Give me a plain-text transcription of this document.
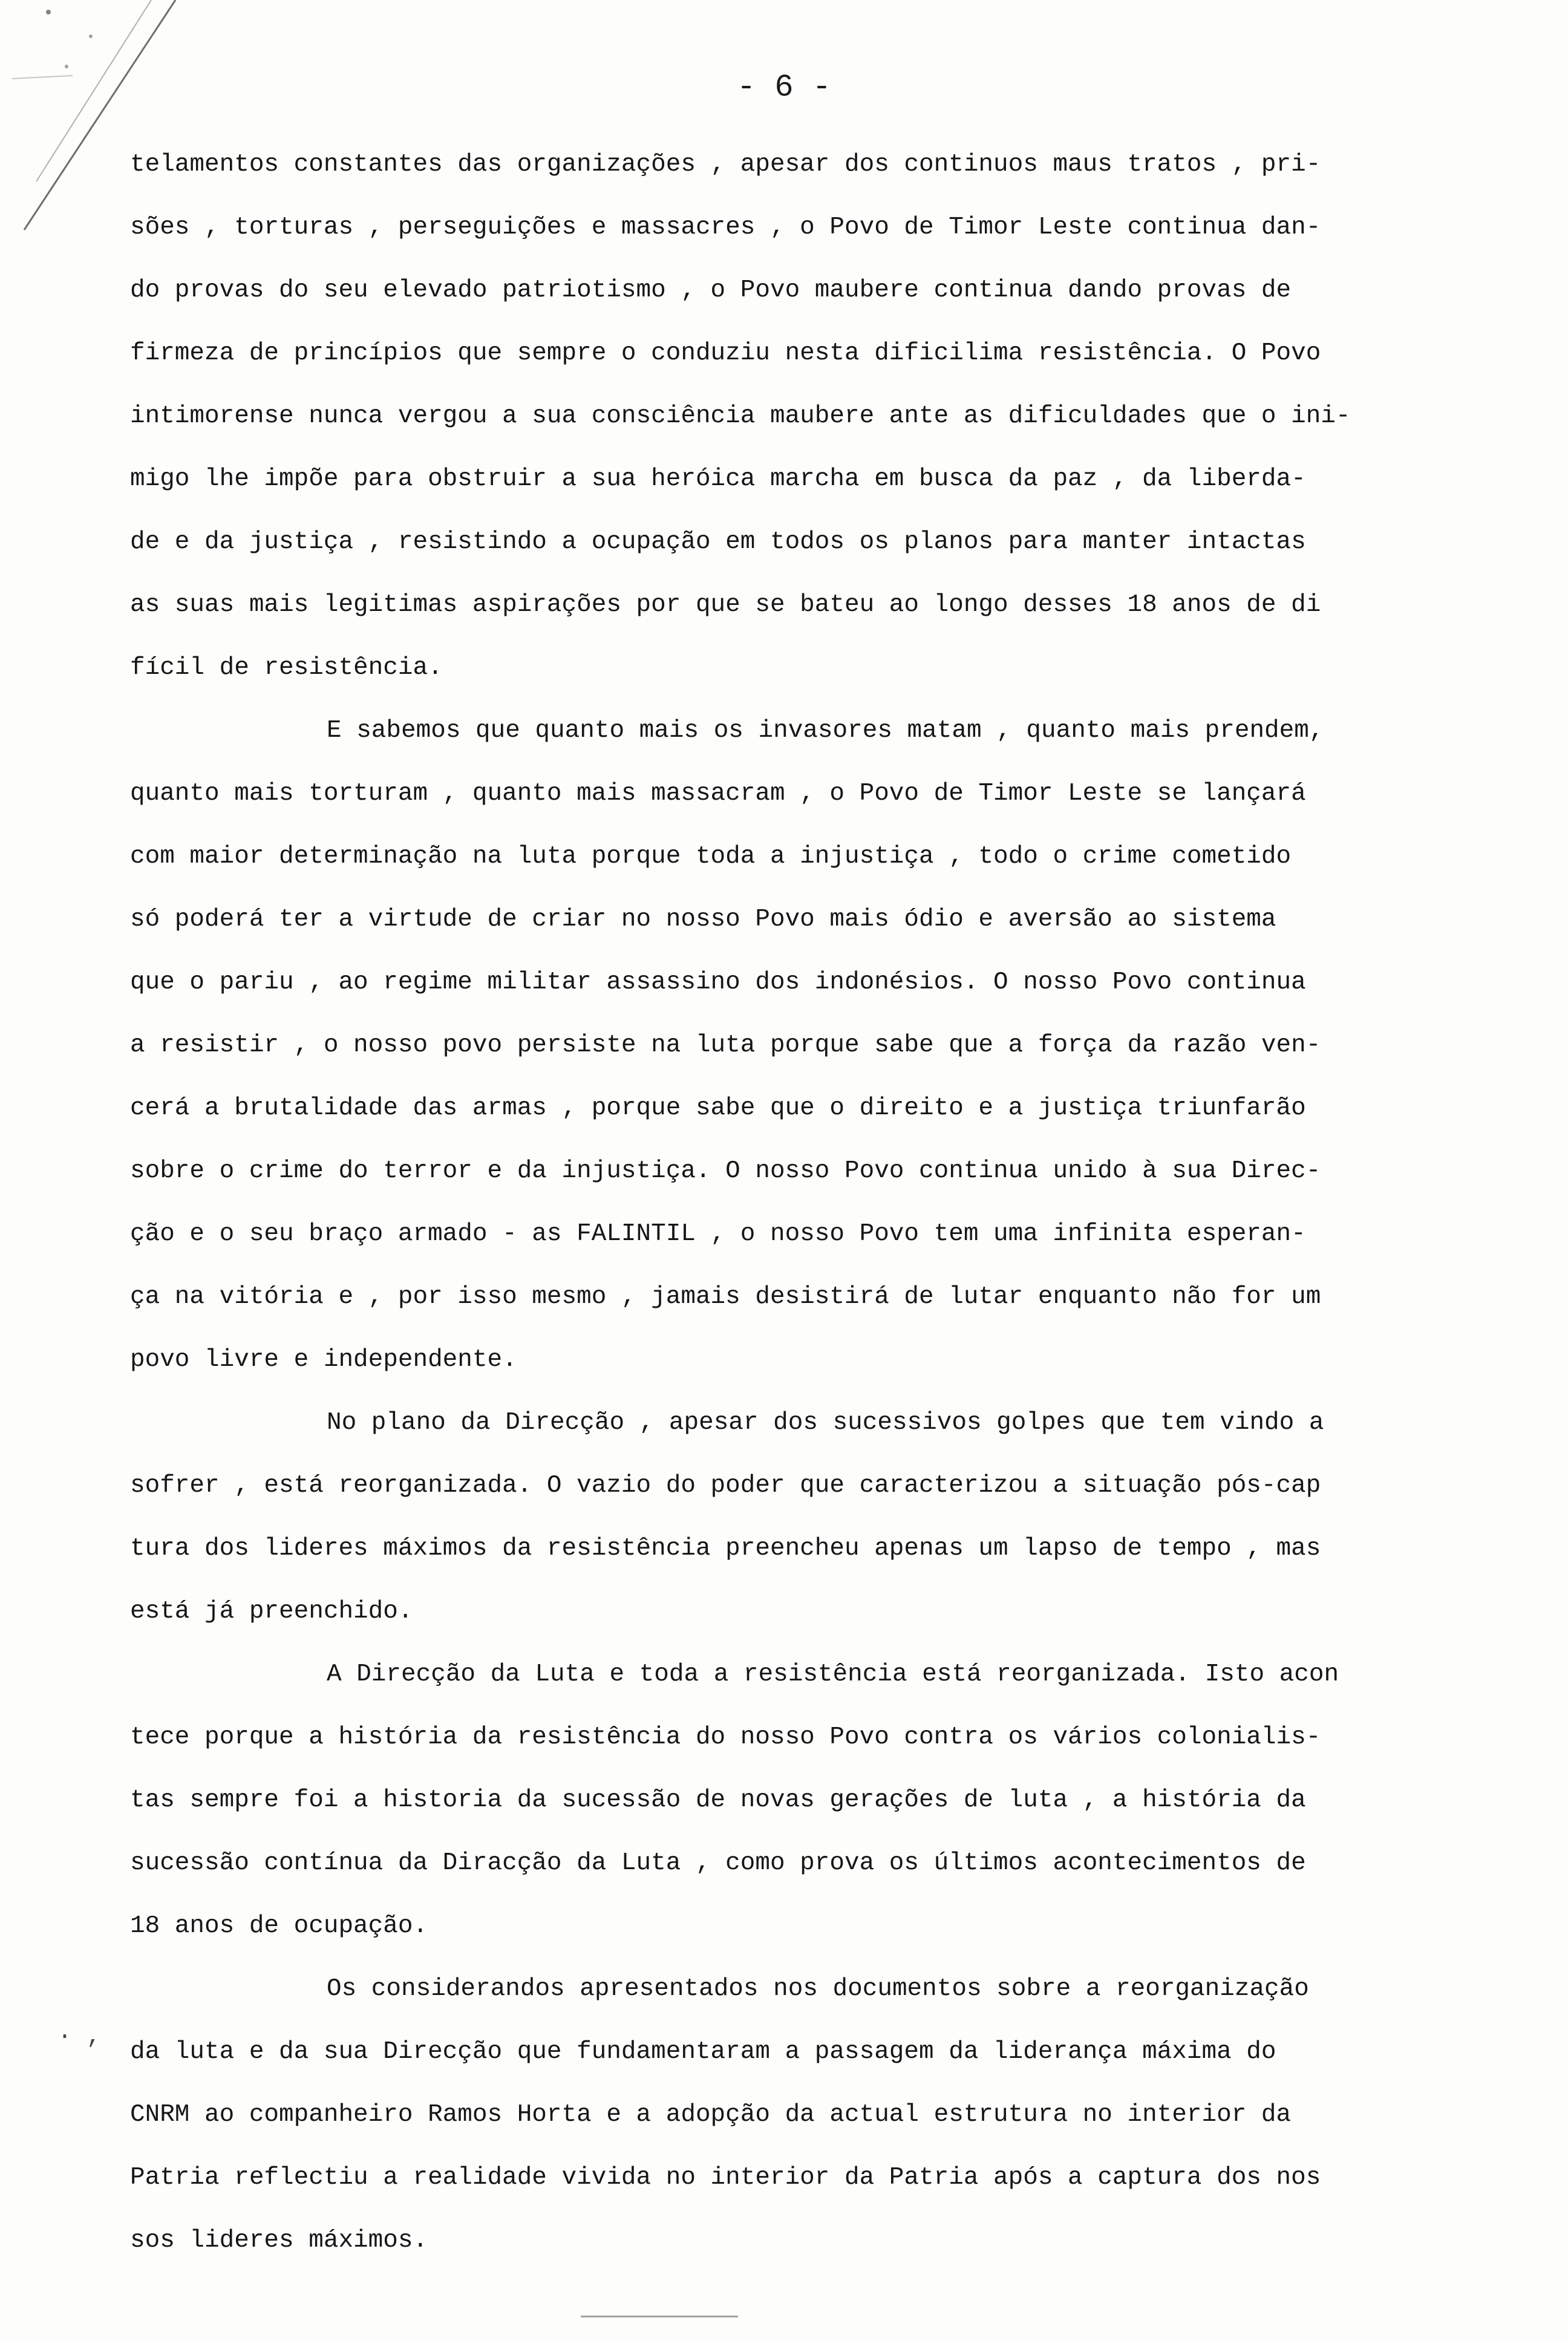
- 6 -
telamentos constantes das organizações , apesar dos continuos maus tratos , pri-
sões , torturas , perseguições e massacres , o Povo de Timor Leste continua dan-
do provas do seu elevado patriotismo , o Povo maubere continua dando provas de
firmeza de princípios que sempre o conduziu nesta dificilima resistência. O Povo
intimorense nunca vergou a sua consciência maubere ante as dificuldades que o ini-
migo lhe impõe para obstruir a sua heróica marcha em busca da paz , da liberda-
de e da justiça , resistindo a ocupação em todos os planos para manter intactas
as suas mais legitimas aspirações por que se bateu ao longo desses 18 anos de di
fícil de resistência.
E sabemos que quanto mais os invasores matam , quanto mais prendem,
quanto mais torturam , quanto mais massacram , o Povo de Timor Leste se lançará
com maior determinação na luta porque toda a injustiça , todo o crime cometido
só poderá ter a virtude de criar no nosso Povo mais ódio e aversão ao sistema
que o pariu , ao regime militar assassino dos indonésios. O nosso Povo continua
a resistir , o nosso povo persiste na luta porque sabe que a força da razão ven-
cerá a brutalidade das armas , porque sabe que o direito e a justiça triunfarão
sobre o crime do terror e da injustiça. O nosso Povo continua unido à sua Direc-
ção e o seu braço armado - as FALINTIL , o nosso Povo tem uma infinita esperan-
ça na vitória e , por isso mesmo , jamais desistirá de lutar enquanto não for um
povo livre e independente.
No plano da Direcção , apesar dos sucessivos golpes que tem vindo a
sofrer , está reorganizada. O vazio do poder que caracterizou a situação pós-cap
tura dos lideres máximos da resistência preencheu apenas um lapso de tempo , mas
está já preenchido.
A Direcção da Luta e toda a resistência está reorganizada. Isto acon
tece porque a história da resistência do nosso Povo contra os vários colonialis-
tas sempre foi a historia da sucessão de novas gerações de luta , a história da
sucessão contínua da Diracção da Luta , como prova os últimos acontecimentos de
18 anos de ocupação.
Os considerandos apresentados nos documentos sobre a reorganização
da luta e da sua Direcção que fundamentaram a passagem da liderança máxima do
CNRM ao companheiro Ramos Horta e a adopção da actual estrutura no interior da
Patria reflectiu a realidade vivida no interior da Patria após a captura dos nos
sos lideres máximos.
· ,
